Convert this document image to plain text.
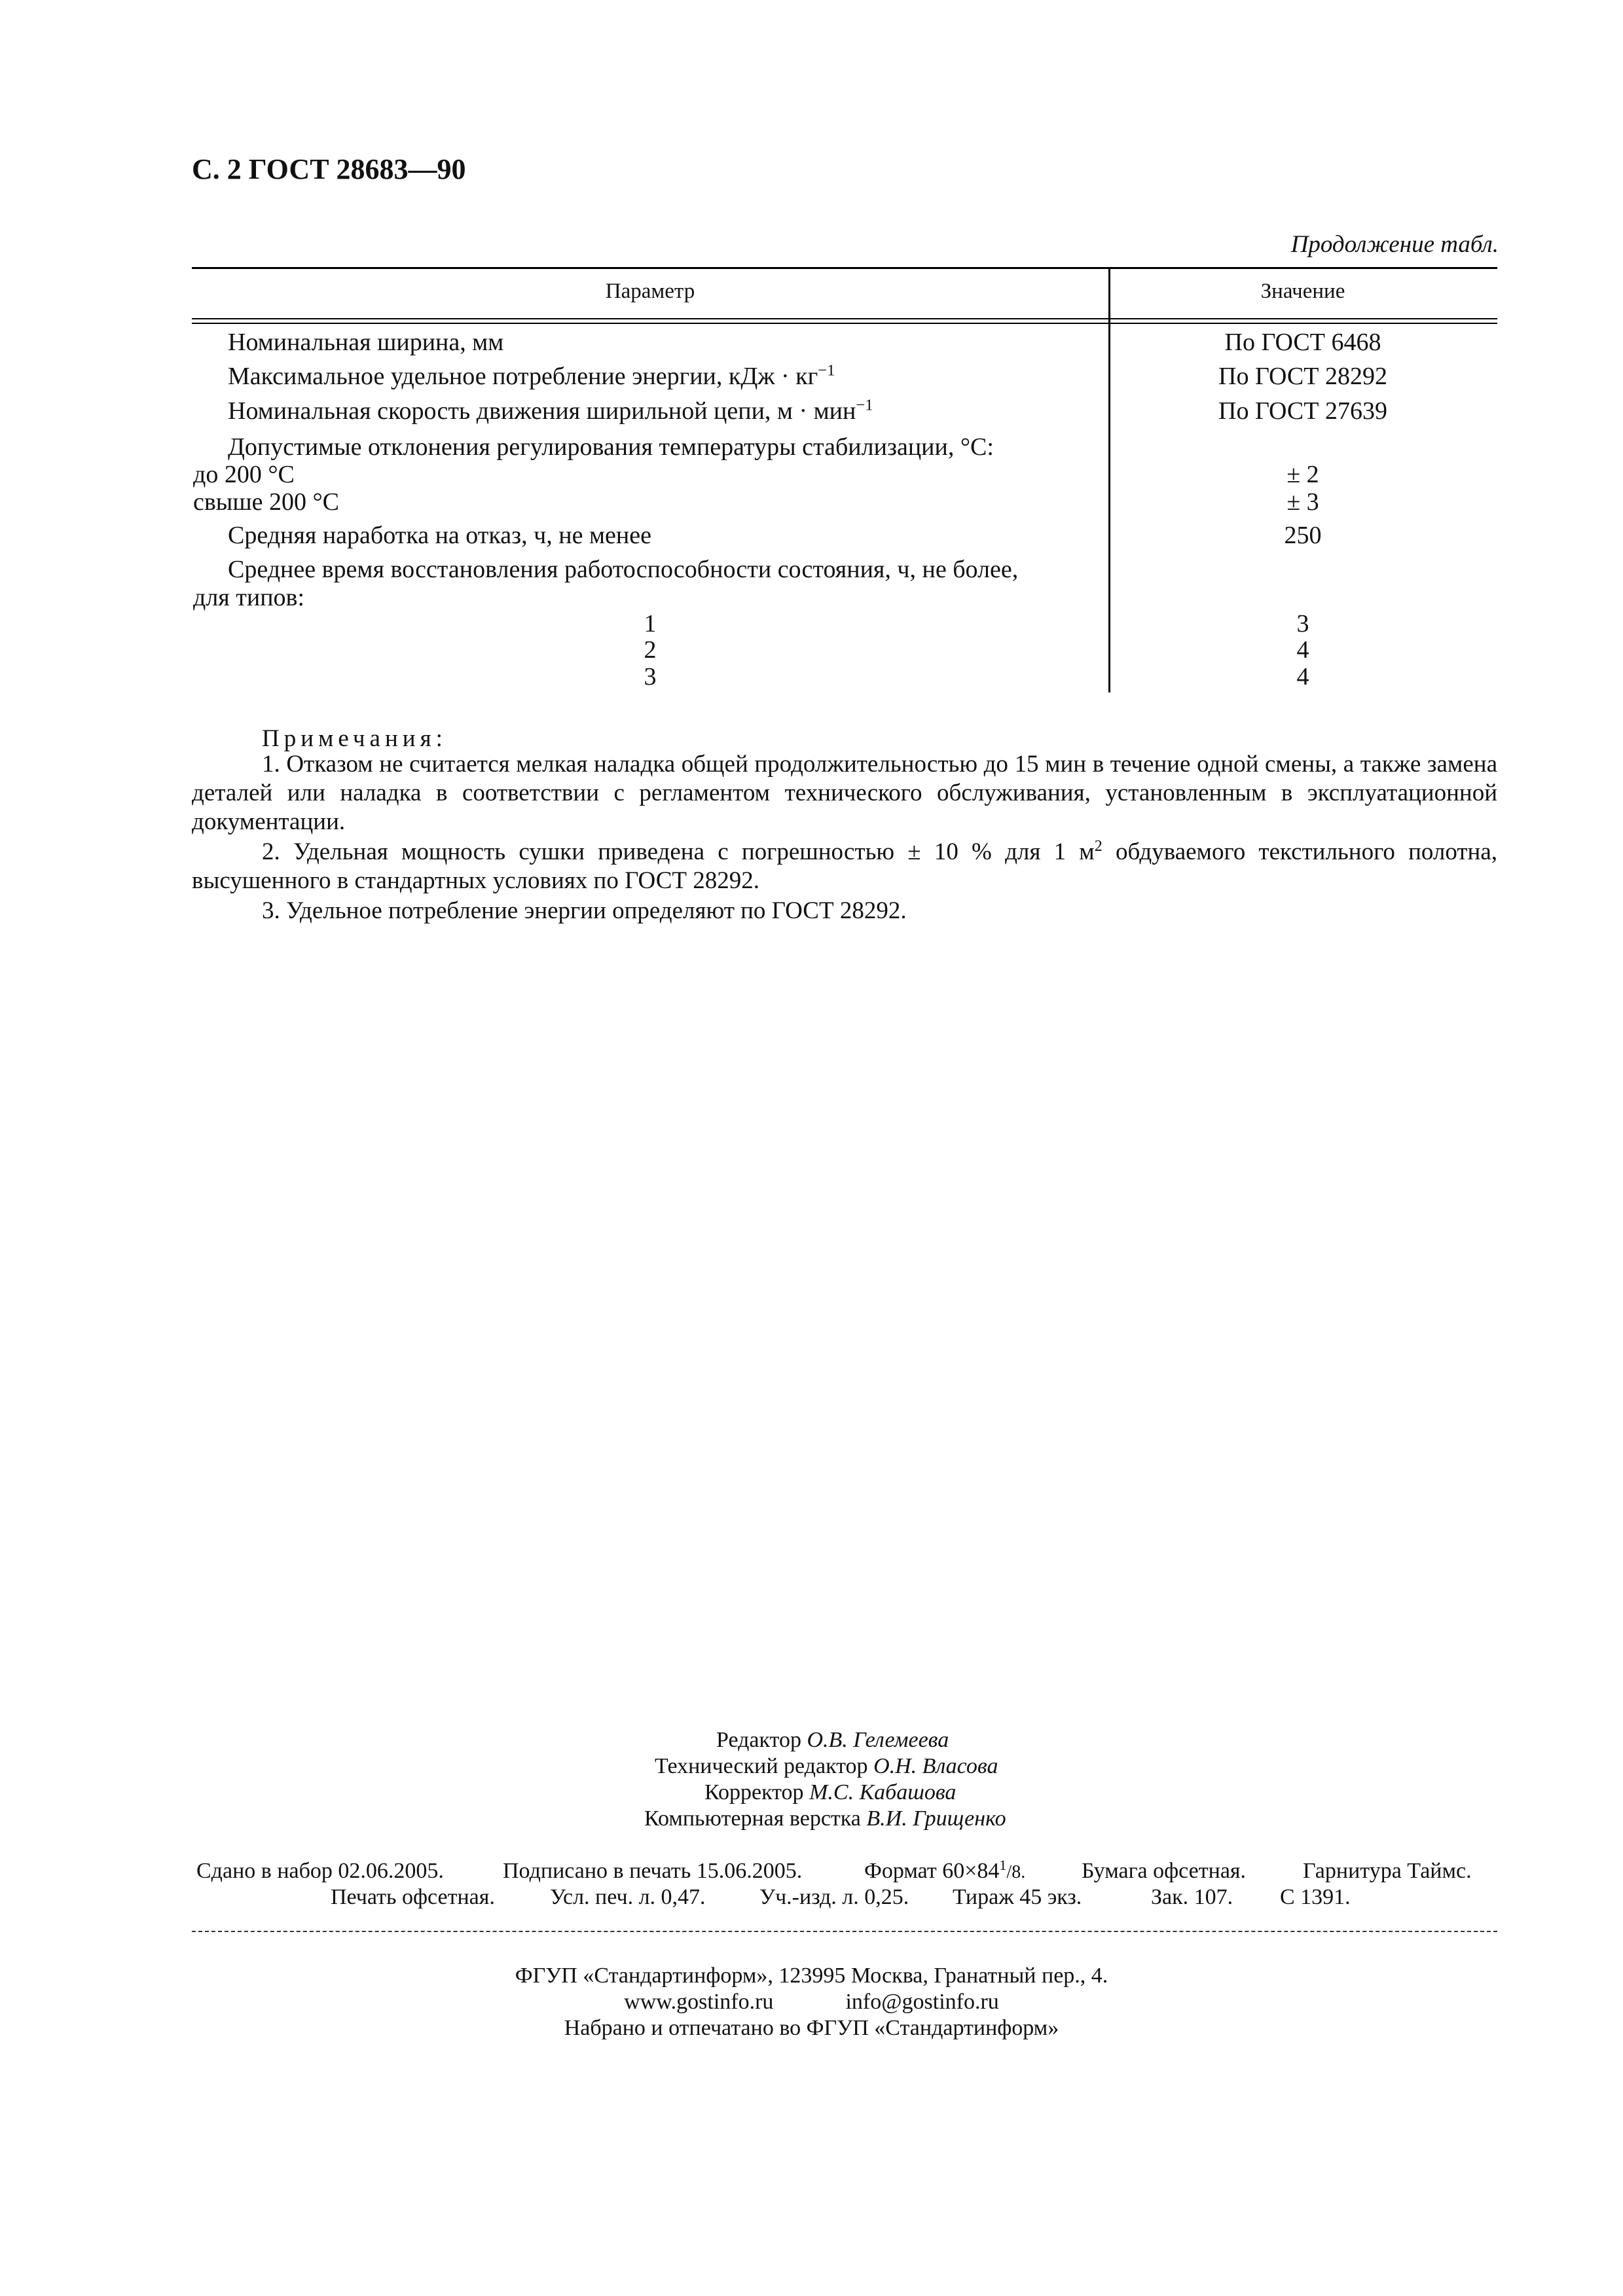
С. 2 ГОСТ 28683—90
Продолжение табл.
Параметр	Значение
Номинальная ширина, мм	По ГОСТ 6468
Максимальное удельное потребление энергии, кДж · $кг^{-1}$	По ГОСТ 28292
Номинальная скорость движения ширильной цепи, м · мин$^{-1}$	По ГОСТ 27639
Допустимые отклонения регулирования температуры стабилизации, °С:
до 200 °С	± 2
свыше 200 °С	± 3
Средняя наработка на отказ, ч, не менее	250
Среднее время восстановления работоспособности состояния, ч, не более,
для типов:
1	3
2	4
3	4
Примечания:
1. Отказом не считается мелкая наладка общей продолжительностью до 15 мин в течение одной смены, а также замена деталей или наладка в соответствии с регламентом технического обслуживания, установленным в эксплуатационной документации.
2. Удельная мощность сушки приведена с погрешностью ± 10 % для 1 $м^2$ обдуваемого текстильного полотна, высушенного в стандартных условиях по ГОСТ 28292.
3. Удельное потребление энергии определяют по ГОСТ 28292.
Редактор О.В. Гелемеева
Технический редактор О.Н. Власова
Корректор М.С. Кабашова
Компьютерная верстка В.И. Грищенко
Сдано в набор 02.06.2005.	Подписано в печать 15.06.2005.	Формат $60\times 84^1/8$.	Бумага офсетная.	Гарнитура Таймс.
Печать офсетная. Усл. печ. л. 0,47. Уч.-изд. л. 0,25. Тираж 45 экз.	Зак. 107. С 1391.
ФГУП «Стандартинформ», 123995 Москва, Гранатный пер., 4.
www.gostinfo.ru	info@gostinfo.ru
Набрано и отпечатано во ФГУП «Стандартинформ»
